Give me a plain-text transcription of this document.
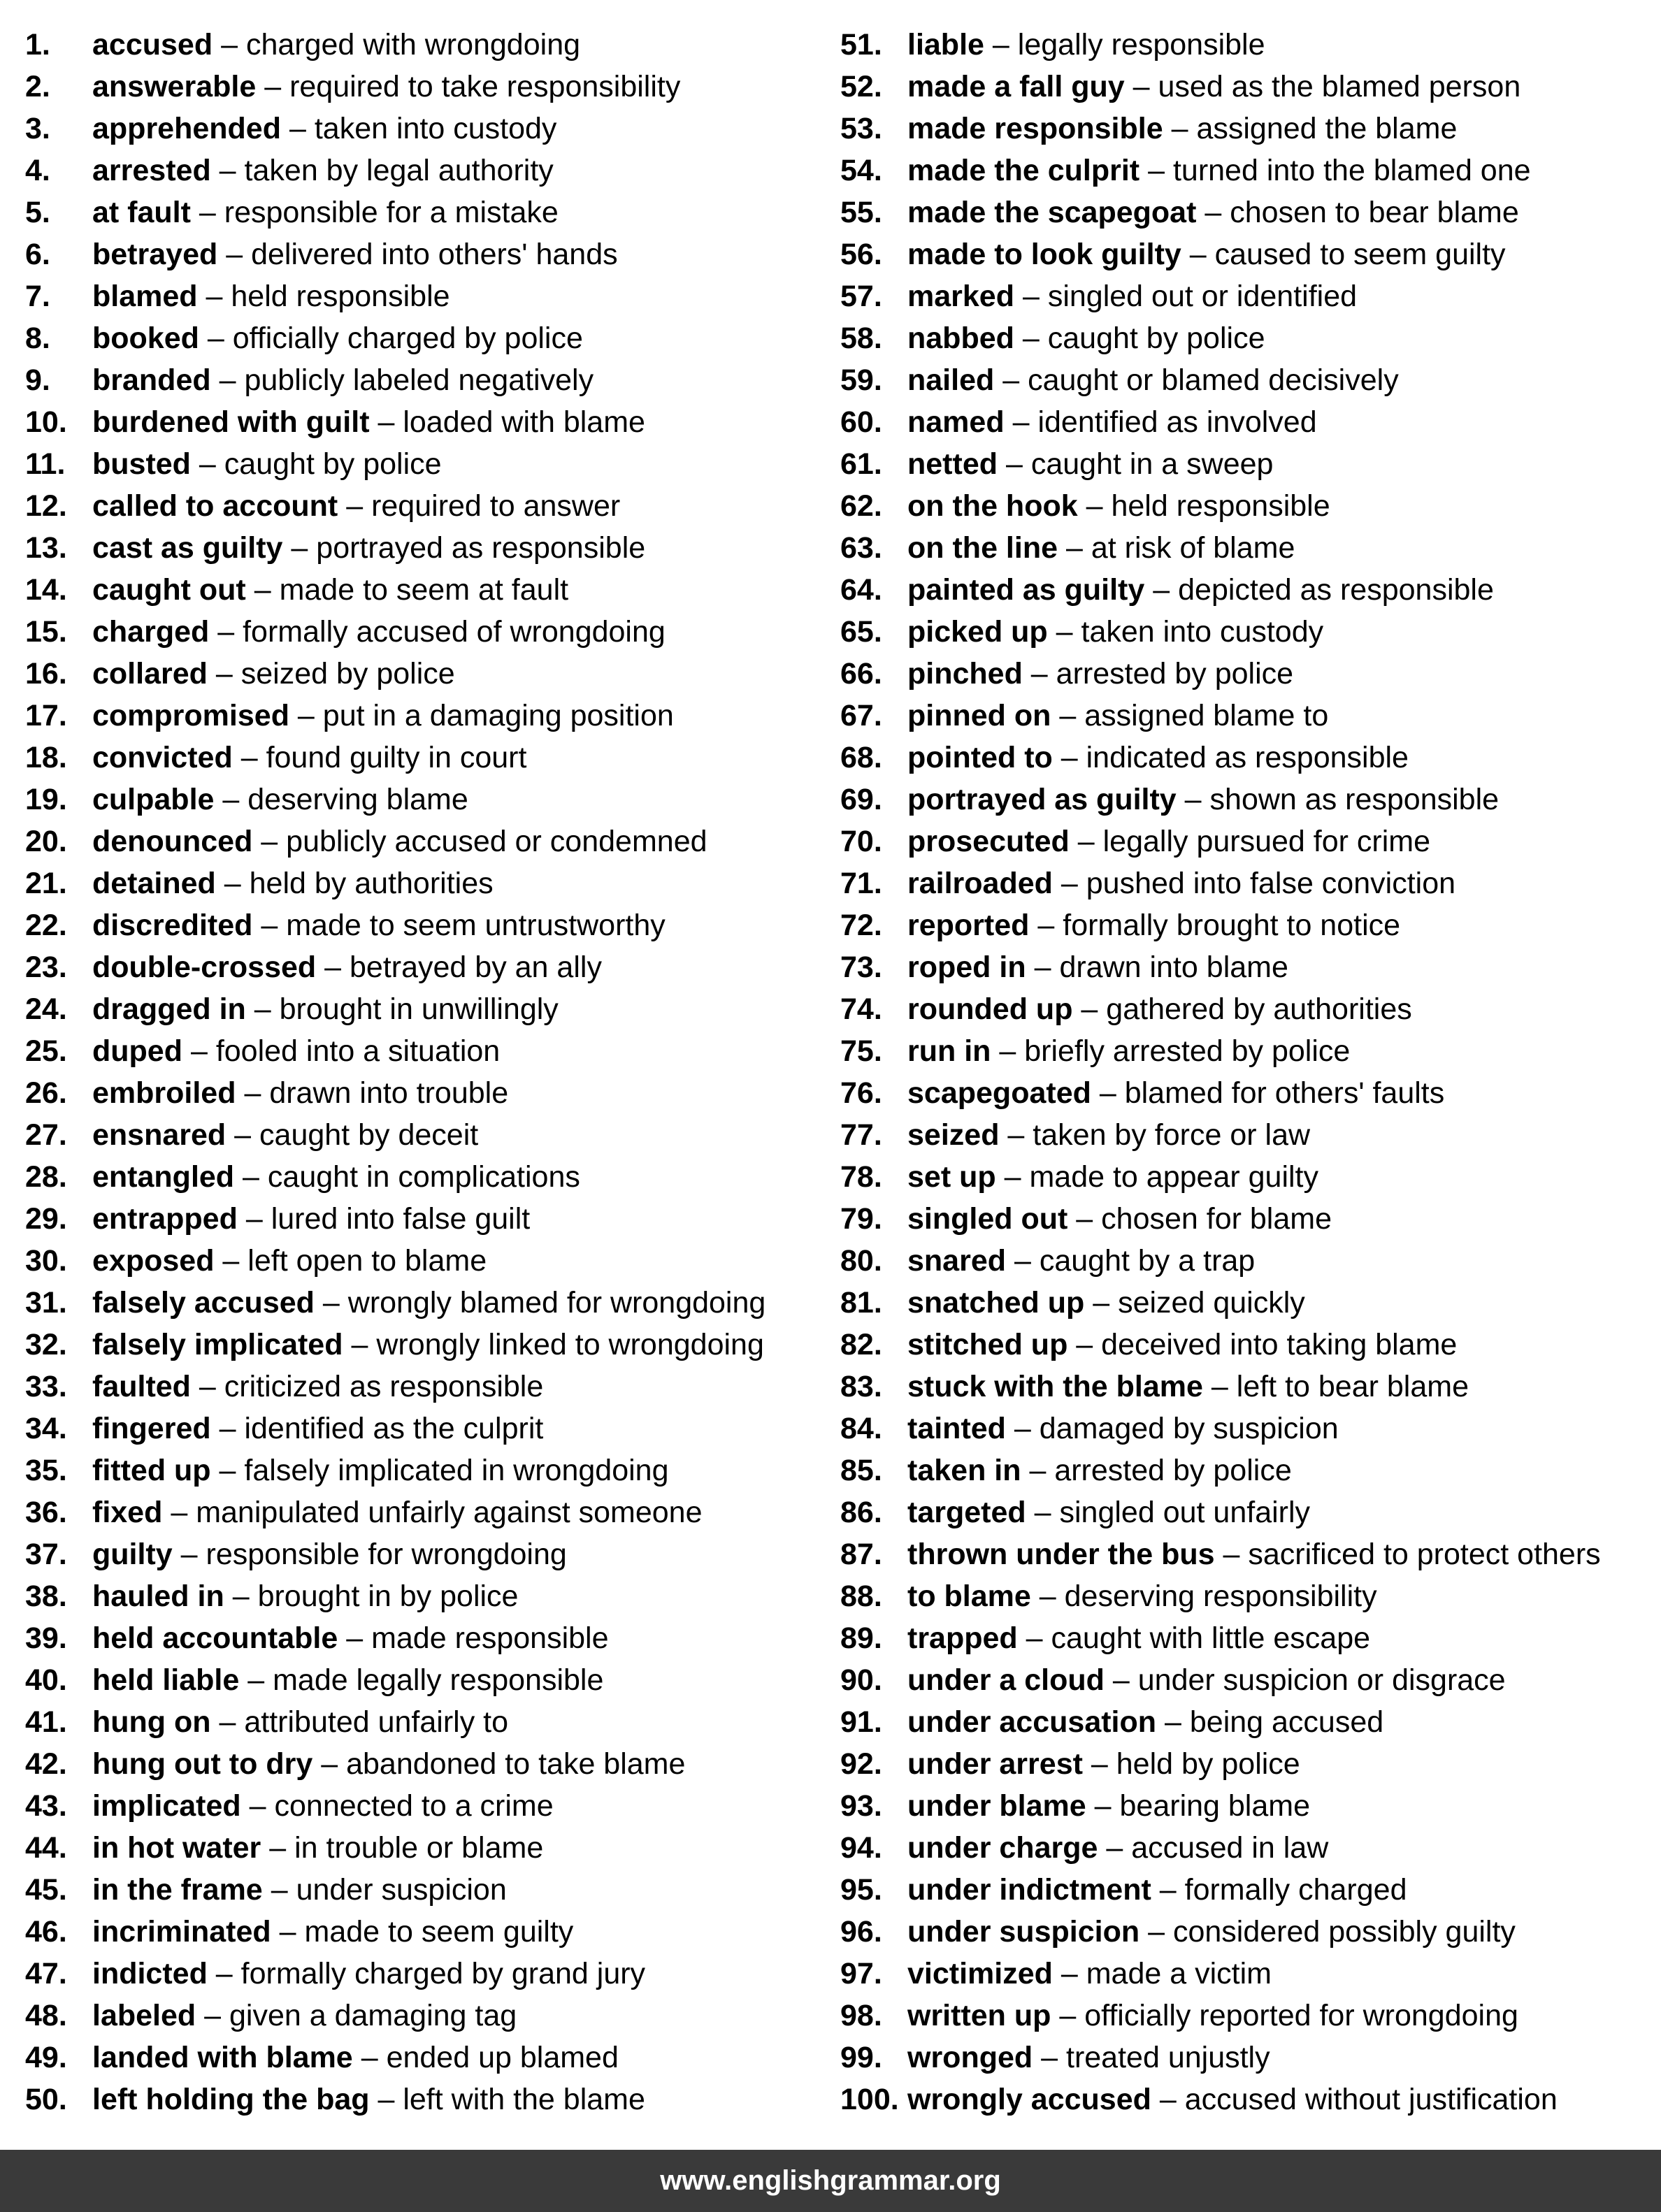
1. accused – charged with wrongdoing
2. answerable – required to take responsibility
3. apprehended – taken into custody
4. arrested – taken by legal authority
5. at fault – responsible for a mistake
6. betrayed – delivered into others' hands
7. blamed – held responsible
8. booked – officially charged by police
9. branded – publicly labeled negatively
10. burdened with guilt – loaded with blame
11. busted – caught by police
12. called to account – required to answer
13. cast as guilty – portrayed as responsible
14. caught out – made to seem at fault
15. charged – formally accused of wrongdoing
16. collared – seized by police
17. compromised – put in a damaging position
18. convicted – found guilty in court
19. culpable – deserving blame
20. denounced – publicly accused or condemned
21. detained – held by authorities
22. discredited – made to seem untrustworthy
23. double-crossed – betrayed by an ally
24. dragged in – brought in unwillingly
25. duped – fooled into a situation
26. embroiled – drawn into trouble
27. ensnared – caught by deceit
28. entangled – caught in complications
29. entrapped – lured into false guilt
30. exposed – left open to blame
31. falsely accused – wrongly blamed for wrongdoing
32. falsely implicated – wrongly linked to wrongdoing
33. faulted – criticized as responsible
34. fingered – identified as the culprit
35. fitted up – falsely implicated in wrongdoing
36. fixed – manipulated unfairly against someone
37. guilty – responsible for wrongdoing
38. hauled in – brought in by police
39. held accountable – made responsible
40. held liable – made legally responsible
41. hung on – attributed unfairly to
42. hung out to dry – abandoned to take blame
43. implicated – connected to a crime
44. in hot water – in trouble or blame
45. in the frame – under suspicion
46. incriminated – made to seem guilty
47. indicted – formally charged by grand jury
48. labeled – given a damaging tag
49. landed with blame – ended up blamed
50. left holding the bag – left with the blame
51. liable – legally responsible
52. made a fall guy – used as the blamed person
53. made responsible – assigned the blame
54. made the culprit – turned into the blamed one
55. made the scapegoat – chosen to bear blame
56. made to look guilty – caused to seem guilty
57. marked – singled out or identified
58. nabbed – caught by police
59. nailed – caught or blamed decisively
60. named – identified as involved
61. netted – caught in a sweep
62. on the hook – held responsible
63. on the line – at risk of blame
64. painted as guilty – depicted as responsible
65. picked up – taken into custody
66. pinched – arrested by police
67. pinned on – assigned blame to
68. pointed to – indicated as responsible
69. portrayed as guilty – shown as responsible
70. prosecuted – legally pursued for crime
71. railroaded – pushed into false conviction
72. reported – formally brought to notice
73. roped in – drawn into blame
74. rounded up – gathered by authorities
75. run in – briefly arrested by police
76. scapegoated – blamed for others' faults
77. seized – taken by force or law
78. set up – made to appear guilty
79. singled out – chosen for blame
80. snared – caught by a trap
81. snatched up – seized quickly
82. stitched up – deceived into taking blame
83. stuck with the blame – left to bear blame
84. tainted – damaged by suspicion
85. taken in – arrested by police
86. targeted – singled out unfairly
87. thrown under the bus – sacrificed to protect others
88. to blame – deserving responsibility
89. trapped – caught with little escape
90. under a cloud – under suspicion or disgrace
91. under accusation – being accused
92. under arrest – held by police
93. under blame – bearing blame
94. under charge – accused in law
95. under indictment – formally charged
96. under suspicion – considered possibly guilty
97. victimized – made a victim
98. written up – officially reported for wrongdoing
99. wronged – treated unjustly
100. wrongly accused – accused without justification
www.englishgrammar.org
